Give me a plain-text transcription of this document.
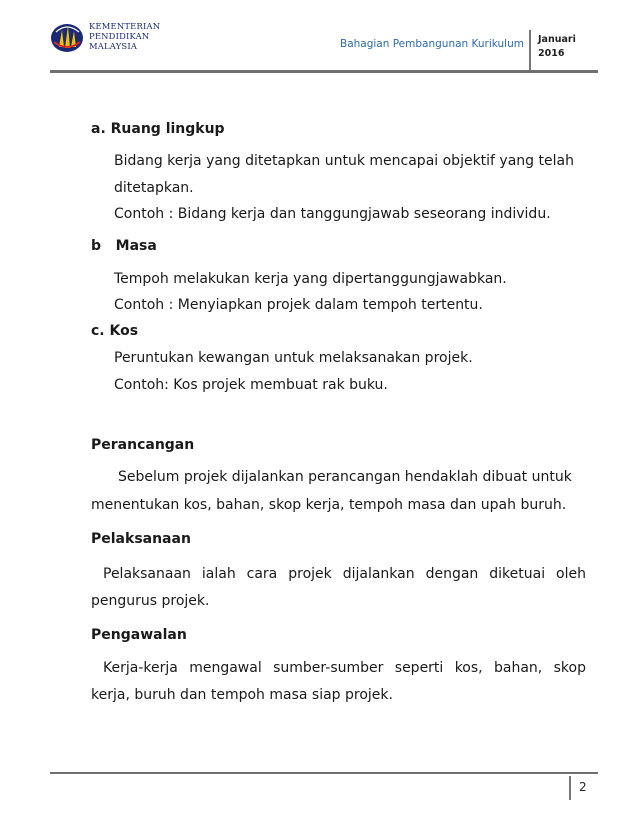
KEMENTERIAN
PENDIDIKAN
MALAYSIA	Bahagian Pembangunan Kurikulum	Januari
2016
a. Ruang lingkup
Bidang kerja yang ditetapkan untuk mencapai objektif yang telah
ditetapkan.
Contoh : Bidang kerja dan tanggungjawab seseorang individu.
b   Masa
Tempoh melakukan kerja yang dipertanggungjawabkan.
Contoh : Menyiapkan projek dalam tempoh tertentu.
c. Kos
Peruntukan kewangan untuk melaksanakan projek.
Contoh: Kos projek membuat rak buku.
Perancangan
Sebelum projek dijalankan perancangan hendaklah dibuat untuk
menentukan kos, bahan, skop kerja, tempoh masa dan upah buruh.
Pelaksanaan
Pelaksanaan ialah cara projek dijalankan dengan diketuai oleh
pengurus projek.
Pengawalan
Kerja-kerja mengawal sumber-sumber seperti kos, bahan, skop
kerja, buruh dan tempoh masa siap projek.
2
